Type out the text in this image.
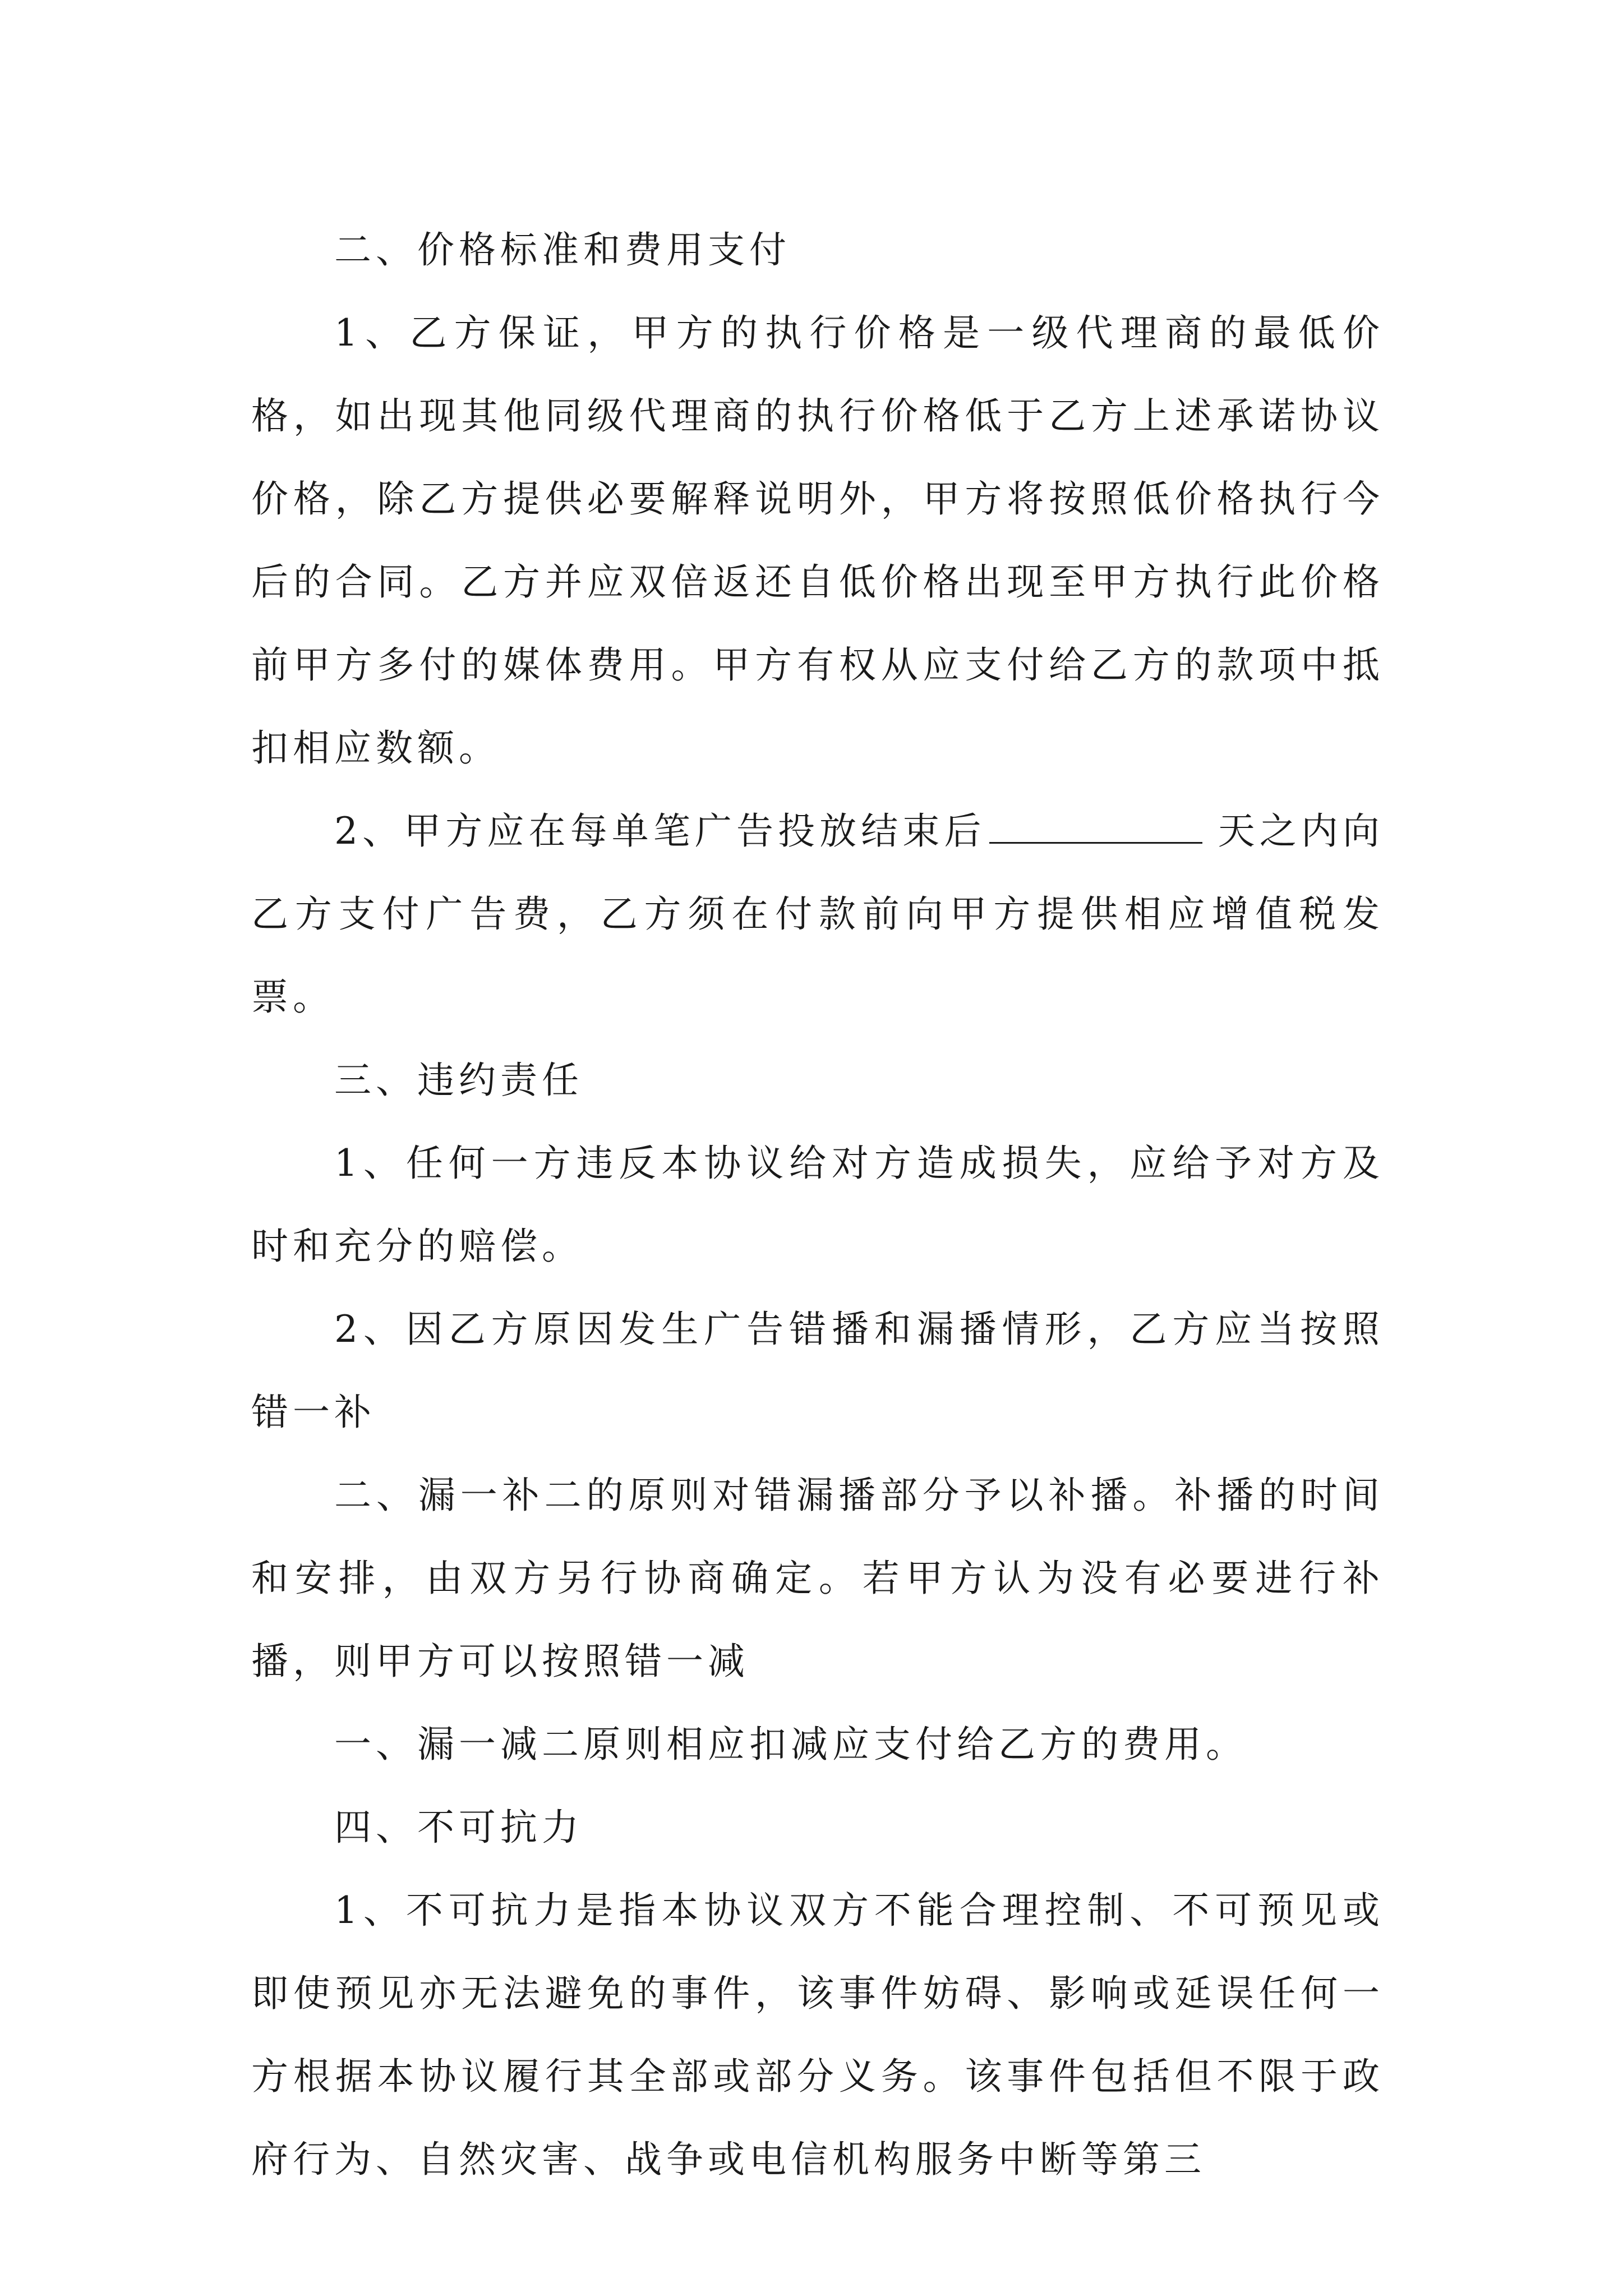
二、价格标准和费用支付

1、乙方保证，甲方的执行价格是一级代理商的最低价格，如出现其他同级代理商的执行价格低于乙方上述承诺协议价格，除乙方提供必要解释说明外，甲方将按照低价格执行今后的合同。乙方并应双倍返还自低价格出现至甲方执行此价格前甲方多付的媒体费用。甲方有权从应支付给乙方的款项中抵扣相应数额。

2、甲方应在每单笔广告投放结束后	天之内向乙方支付广告费，乙方须在付款前向甲方提供相应增值税发票。

三、违约责任

1、任何一方违反本协议给对方造成损失，应给予对方及时和充分的赔偿。

2、因乙方原因发生广告错播和漏播情形，乙方应当按照错一补

二、漏一补二的原则对错漏播部分予以补播。补播的时间和安排，由双方另行协商确定。若甲方认为没有必要进行补播，则甲方可以按照错一减

一、漏一减二原则相应扣减应支付给乙方的费用。

四、不可抗力

1、不可抗力是指本协议双方不能合理控制、不可预见或即使预见亦无法避免的事件，该事件妨碍、影响或延误任何一方根据本协议履行其全部或部分义务。该事件包括但不限于政府行为、自然灾害、战争或电信机构服务中断等第三
